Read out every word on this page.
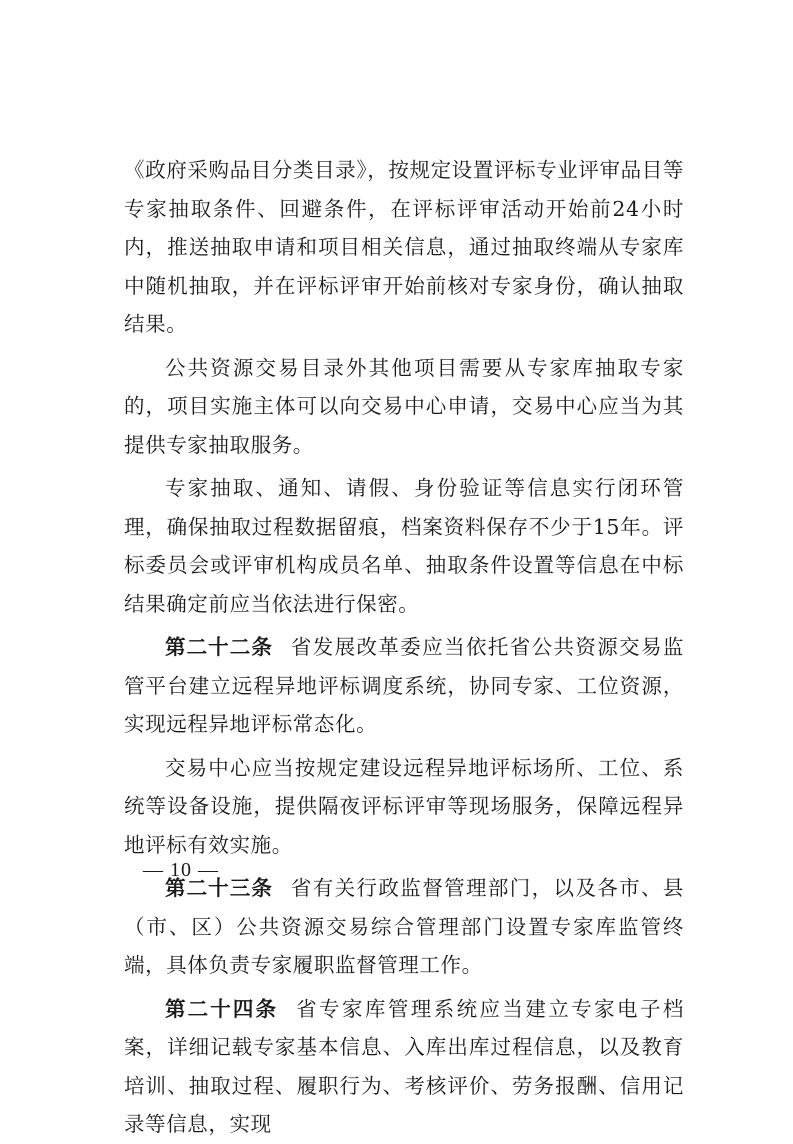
《政府采购品目分类目录》，按规定设置评标专业评审品目等专家抽取条件、回避条件，在评标评审活动开始前24小时内，推送抽取申请和项目相关信息，通过抽取终端从专家库中随机抽取，并在评标评审开始前核对专家身份，确认抽取结果。

公共资源交易目录外其他项目需要从专家库抽取专家的，项目实施主体可以向交易中心申请，交易中心应当为其提供专家抽取服务。

专家抽取、通知、请假、身份验证等信息实行闭环管理，确保抽取过程数据留痕，档案资料保存不少于15年。评标委员会或评审机构成员名单、抽取条件设置等信息在中标结果确定前应当依法进行保密。

第二十二条 省发展改革委应当依托省公共资源交易监管平台建立远程异地评标调度系统，协同专家、工位资源，实现远程异地评标常态化。

交易中心应当按规定建设远程异地评标场所、工位、系统等设备设施，提供隔夜评标评审等现场服务，保障远程异地评标有效实施。

第二十三条 省有关行政监督管理部门，以及各市、县（市、区）公共资源交易综合管理部门设置专家库监管终端，具体负责专家履职监督管理工作。

第二十四条 省专家库管理系统应当建立专家电子档案，详细记载专家基本信息、入库出库过程信息，以及教育培训、抽取过程、履职行为、考核评价、劳务报酬、信用记录等信息，实现

— 10 —
